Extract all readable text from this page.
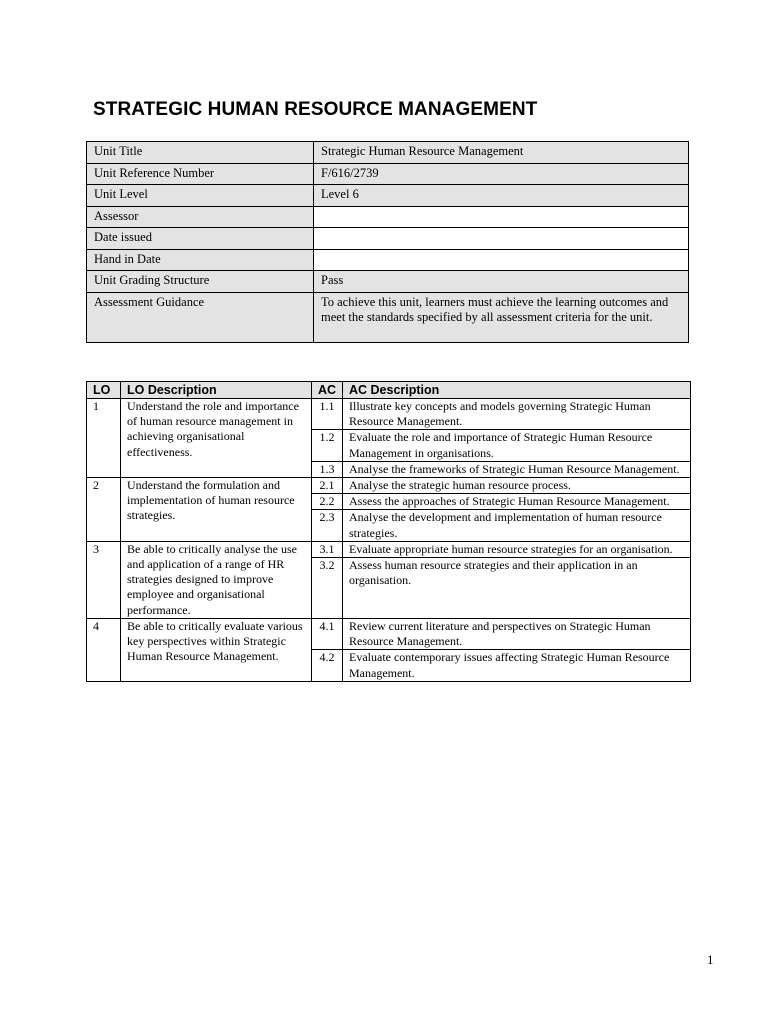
STRATEGIC HUMAN RESOURCE MANAGEMENT
Unit Title	Strategic Human Resource Management
Unit Reference Number	F/616/2739
Unit Level	Level 6
Assessor	
Date issued	
Hand in Date	
Unit Grading Structure	Pass
Assessment Guidance	To achieve this unit, learners must achieve the learning outcomes and meet the standards specified by all assessment criteria for the unit.
LO	LO Description	AC	AC Description
1	Understand the role and importance of human resource management in achieving organisational effectiveness.	1.1	Illustrate key concepts and models governing Strategic Human Resource Management.
		1.2	Evaluate the role and importance of Strategic Human Resource Management in organisations.
		1.3	Analyse the frameworks of Strategic Human Resource Management.
2	Understand the formulation and implementation of human resource strategies.	2.1	Analyse the strategic human resource process.
		2.2	Assess the approaches of Strategic Human Resource Management.
		2.3	Analyse the development and implementation of human resource strategies.
3	Be able to critically analyse the use and application of a range of HR strategies designed to improve employee and organisational performance.	3.1	Evaluate appropriate human resource strategies for an organisation.
		3.2	Assess human resource strategies and their application in an organisation.
4	Be able to critically evaluate various key perspectives within Strategic Human Resource Management.	4.1	Review current literature and perspectives on Strategic Human Resource Management.
		4.2	Evaluate contemporary issues affecting Strategic Human Resource Management.
1
